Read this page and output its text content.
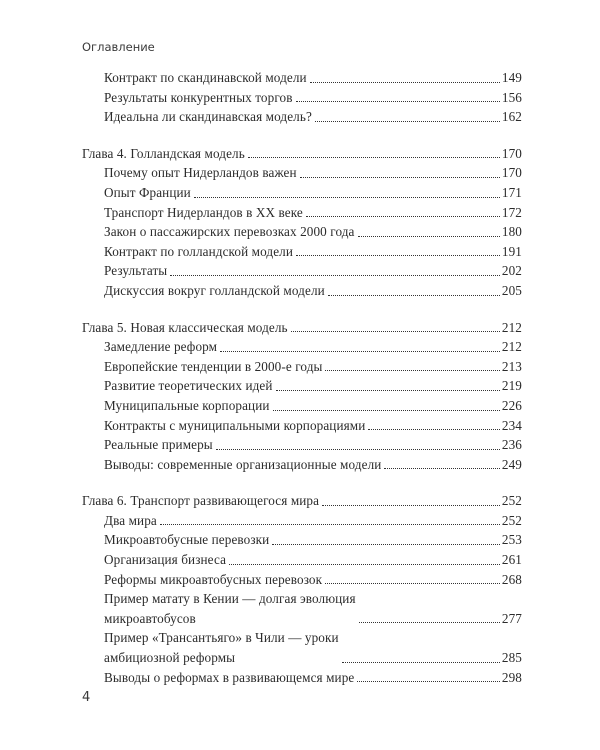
Оглавление
Контракт по скандинавской модели	149
Результаты конкурентных торгов	156
Идеальна ли скандинавская модель?	162
Глава 4. Голландская модель	170
Почему опыт Нидерландов важен	170
Опыт Франции	171
Транспорт Нидерландов в XX веке	172
Закон о пассажирских перевозках 2000 года	180
Контракт по голландской модели	191
Результаты	202
Дискуссия вокруг голландской модели	205
Глава 5. Новая классическая модель	212
Замедление реформ	212
Европейские тенденции в 2000-е годы	213
Развитие теоретических идей	219
Муниципальные корпорации	226
Контракты с муниципальными корпорациями	234
Реальные примеры	236
Выводы: современные организационные модели	249
Глава 6. Транспорт развивающегося мира	252
Два мира	252
Микроавтобусные перевозки	253
Организация бизнеса	261
Реформы микроавтобусных перевозок	268
Пример матату в Кении — долгая эволюция
микроавтобусов	277
Пример «Трансантьяго» в Чили — уроки
амбициозной реформы	285
Выводы о реформах в развивающемся мире	298
4
